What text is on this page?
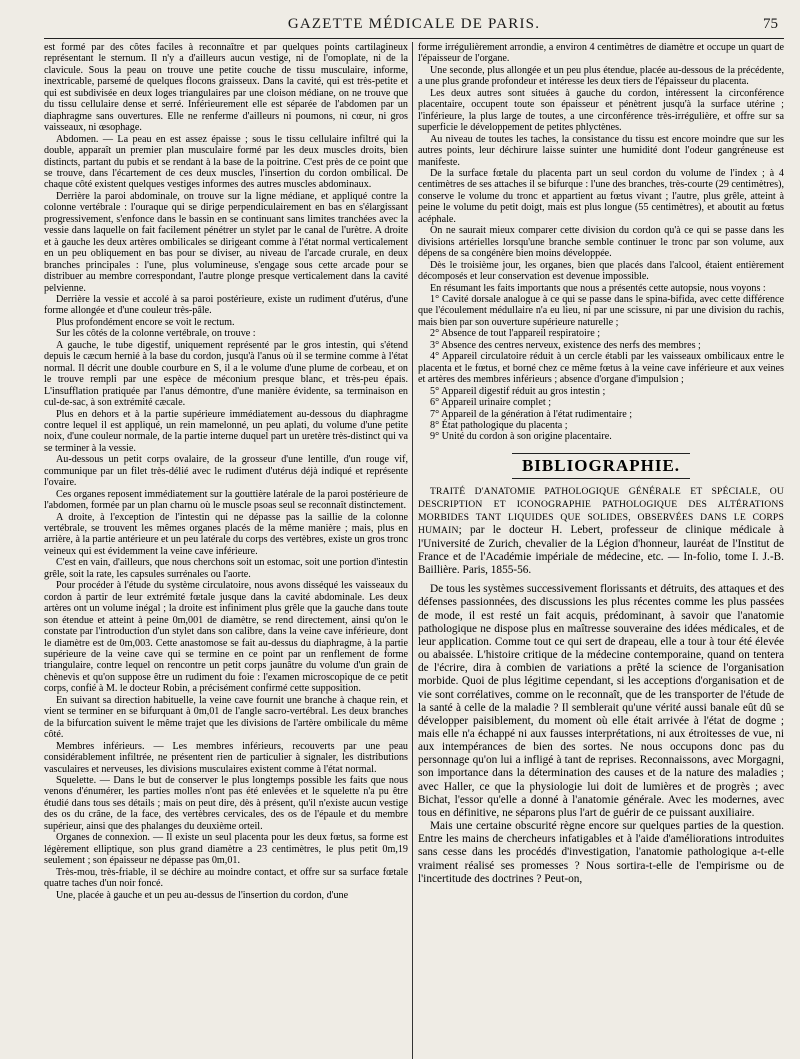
GAZETTE MÉDICALE DE PARIS.	75

est formé par des côtes faciles à reconnaître et par quelques points cartilagineux représentant le sternum. Il n'y a d'ailleurs aucun vestige, ni de l'omoplate, ni de la clavicule. Sous la peau on trouve une petite couche de tissu musculaire, informe, inextricable, parsemé de quelques flocons graisseux. Dans la cavité, qui est très-petite et qui est subdivisée en deux loges triangulaires par une cloison médiane, on ne trouve que du tissu cellulaire dense et serré. Inférieurement elle est séparée de l'abdomen par un diaphragme sans ouvertures. Elle ne renferme d'ailleurs ni poumons, ni cœur, ni gros vaisseaux, ni œsophage.

Abdomen. — La peau en est assez épaisse ; sous le tissu cellulaire infiltré qui la double, apparaît un premier plan musculaire formé par les deux muscles droits, bien distincts, partant du pubis et se rendant à la base de la poitrine. C'est près de ce point que se trouve, dans l'écartement de ces deux muscles, l'insertion du cordon ombilical. De chaque côté existent quelques vestiges informes des autres muscles abdominaux.

Derrière la paroi abdominale, on trouve sur la ligne médiane, et appliqué contre la colonne vertébrale : l'ouraque qui se dirige perpendiculairement en bas en s'élargissant progressivement, s'enfonce dans le bassin en se continuant sans limites tranchées avec la vessie dans laquelle on fait facilement pénétrer un stylet par le canal de l'urètre. A droite et à gauche les deux artères ombilicales se dirigeant comme à l'état normal verticalement en un peu obliquement en bas pour se diviser, au niveau de l'arcade crurale, en deux branches principales : l'une, plus volumineuse, s'engage sous cette arcade pour se distribuer au membre correspondant, l'autre plonge presque verticalement dans la cavité pelvienne.

Derrière la vessie et accolé à sa paroi postérieure, existe un rudiment d'utérus, d'une forme allongée et d'une couleur très-pâle.

Plus profondément encore se voit le rectum.

Sur les côtés de la colonne vertébrale, on trouve :

A gauche, le tube digestif, uniquement représenté par le gros intestin, qui s'étend depuis le cæcum hernié à la base du cordon, jusqu'à l'anus où il se termine comme à l'état normal. Il décrit une double courbure en S, il a le volume d'une plume de corbeau, et on le trouve rempli par une espèce de méconium presque blanc, et très-peu épais. L'insufflation pratiquée par l'anus démontre, d'une manière évidente, sa terminaison en cul-de-sac, à son extrémité cæcale.

Plus en dehors et à la partie supérieure immédiatement au-dessous du diaphragme contre lequel il est appliqué, un rein mamelonné, un peu aplati, du volume d'une petite noix, d'une couleur normale, de la partie interne duquel part un uretère très-distinct qui va se terminer à la vessie.

Au-dessous un petit corps ovalaire, de la grosseur d'une lentille, d'un rouge vif, communique par un filet très-délié avec le rudiment d'utérus déjà indiqué et représente l'ovaire.

Ces organes reposent immédiatement sur la gouttière latérale de la paroi postérieure de l'abdomen, formée par un plan charnu où le muscle psoas seul se reconnaît distinctement.

A droite, à l'exception de l'intestin qui ne dépasse pas la saillie de la colonne vertébrale, se trouvent les mêmes organes placés de la même manière ; mais, plus en arrière, à la partie antérieure et un peu latérale du corps des vertèbres, existe un gros tronc veineux qui est évidemment la veine cave inférieure.

C'est en vain, d'ailleurs, que nous cherchons soit un estomac, soit une portion d'intestin grêle, soit la rate, les capsules surrénales ou l'aorte.

Pour procéder à l'étude du système circulatoire, nous avons disséqué les vaisseaux du cordon à partir de leur extrémité fœtale jusque dans la cavité abdominale. Les deux artères ont un volume inégal ; la droite est infiniment plus grêle que la gauche dans toute son étendue et atteint à peine 0m,001 de diamètre, se rend directement, ainsi qu'on le constate par l'introduction d'un stylet dans son calibre, dans la veine cave inférieure, dont le diamètre est de 0m,003. Cette anastomose se fait au-dessus du diaphragme, à la partie supérieure de la veine cave qui se termine en ce point par un renflement de forme triangulaire, contre lequel on rencontre un petit corps jaunâtre du volume d'un grain de chènevis et qu'on suppose être un rudiment du foie : l'examen microscopique de ce petit corps, confié à M. le docteur Robin, a précisément confirmé cette supposition.

En suivant sa direction habituelle, la veine cave fournit une branche à chaque rein, et vient se terminer en se bifurquant à 0m,01 de l'angle sacro-vertébral. Les deux branches de la bifurcation suivent le même trajet que les divisions de l'artère ombilicale du même côté.

Membres inférieurs. — Les membres inférieurs, recouverts par une peau considérablement infiltrée, ne présentent rien de particulier à signaler, les distributions vasculaires et nerveuses, les divisions musculaires existent comme à l'état normal.

Squelette. — Dans le but de conserver le plus longtemps possible les faits que nous venons d'énumérer, les parties molles n'ont pas été enlevées et le squelette n'a pu être étudié dans tous ses détails ; mais on peut dire, dès à présent, qu'il n'existe aucun vestige des os du crâne, de la face, des vertèbres cervicales, des os de l'épaule et du membre supérieur, ainsi que des phalanges du deuxième orteil.

Organes de connexion. — Il existe un seul placenta pour les deux fœtus, sa forme est légèrement elliptique, son plus grand diamètre a 23 centimètres, le plus petit 0m,19 seulement ; son épaisseur ne dépasse pas 0m,01.

Très-mou, très-friable, il se déchire au moindre contact, et offre sur sa surface fœtale quatre taches d'un noir foncé.

Une, placée à gauche et un peu au-dessus de l'insertion du cordon, d'une

forme irrégulièrement arrondie, a environ 4 centimètres de diamètre et occupe un quart de l'épaisseur de l'organe.

Une seconde, plus allongée et un peu plus étendue, placée au-dessous de la précédente, a une plus grande profondeur et intéresse les deux tiers de l'épaisseur du placenta.

Les deux autres sont situées à gauche du cordon, intéressent la circonférence placentaire, occupent toute son épaisseur et pénètrent jusqu'à la surface utérine ; l'inférieure, la plus large de toutes, a une circonférence très-irrégulière, et offre sur sa superficie le développement de petites phlyctènes.

Au niveau de toutes les taches, la consistance du tissu est encore moindre que sur les autres points, leur déchirure laisse suinter une humidité dont l'odeur gangréneuse est manifeste.

De la surface fœtale du placenta part un seul cordon du volume de l'index ; à 4 centimètres de ses attaches il se bifurque : l'une des branches, très-courte (29 centimètres), conserve le volume du tronc et appartient au fœtus vivant ; l'autre, plus grêle, atteint à peine le volume du petit doigt, mais est plus longue (55 centimètres), et aboutit au fœtus acéphale.

On ne saurait mieux comparer cette division du cordon qu'à ce qui se passe dans les divisions artérielles lorsqu'une branche semble continuer le tronc par son volume, aux dépens de sa congénère bien moins développée.

Dès le troisième jour, les organes, bien que placés dans l'alcool, étaient entièrement décomposés et leur conservation est devenue impossible.

En résumant les faits importants que nous a présentés cette autopsie, nous voyons :

1° Cavité dorsale analogue à ce qui se passe dans le spina-bifida, avec cette différence que l'écoulement médullaire n'a eu lieu, ni par une scissure, ni par une division du rachis, mais bien par son ouverture supérieure naturelle ;

2° Absence de tout l'appareil respiratoire ;

3° Absence des centres nerveux, existence des nerfs des membres ;

4° Appareil circulatoire réduit à un cercle établi par les vaisseaux ombilicaux entre le placenta et le fœtus, et borné chez ce même fœtus à la veine cave inférieure et aux veines et artères des membres inférieurs ; absence d'organe d'impulsion ;

5° Appareil digestif réduit au gros intestin ;

6° Appareil urinaire complet ;

7° Appareil de la génération à l'état rudimentaire ;

8° État pathologique du placenta ;

9° Unité du cordon à son origine placentaire.

BIBLIOGRAPHIE.

TRAITÉ D'ANATOMIE PATHOLOGIQUE GÉNÉRALE ET SPÉCIALE, OU DESCRIPTION ET ICONOGRAPHIE PATHOLOGIQUE DES ALTÉRATIONS MORBIDES TANT LIQUIDES QUE SOLIDES, OBSERVÉES DANS LE CORPS HUMAIN; par le docteur H. Lebert, professeur de clinique médicale à l'Université de Zurich, chevalier de la Légion d'honneur, lauréat de l'Institut de France et de l'Académie impériale de médecine, etc. — In-folio, tome I. J.-B. Baillière. Paris, 1855-56.

De tous les systèmes successivement florissants et détruits, des attaques et des défenses passionnées, des discussions les plus récentes comme les plus passées de mode, il est resté un fait acquis, prédominant, à savoir que l'anatomie pathologique ne dispose plus en maîtresse souveraine des idées médicales, et de leur application. Comme tout ce qui sert de drapeau, elle a tour à tour été élevée ou abaissée. L'histoire critique de la médecine contemporaine, quand on tentera de l'écrire, dira à combien de variations a prêté la science de l'organisation morbide. Quoi de plus légitime cependant, si les acceptions d'organisation et de vie sont corrélatives, comme on le reconnaît, que de les transporter de l'étude de la santé à celle de la maladie ? Il semblerait qu'une vérité aussi banale eût dû se développer paisiblement, du moment où elle était arrivée à l'état de dogme ; mais elle n'a échappé ni aux fausses interprétations, ni aux étroitesses de vue, ni aux intempérances de bien des sortes. Ne nous occupons donc pas du personnage qu'on lui a infligé à tant de reprises. Reconnaissons, avec Morgagni, son importance dans la détermination des causes et de la nature des maladies ; avec Haller, ce que la physiologie lui doit de lumières et de progrès ; avec Bichat, l'essor qu'elle a donné à l'anatomie générale. Avec les modernes, avec tous en définitive, ne séparons plus l'art de guérir de ce puissant auxiliaire.

Mais une certaine obscurité règne encore sur quelques parties de la question. Entre les mains de chercheurs infatigables et à l'aide d'améliorations introduites sans cesse dans les procédés d'investigation, l'anatomie pathologique a-t-elle vraiment réalisé ses promesses ? Nous sortira-t-elle de l'empirisme ou de l'incertitude des doctrines ? Peut-on,
